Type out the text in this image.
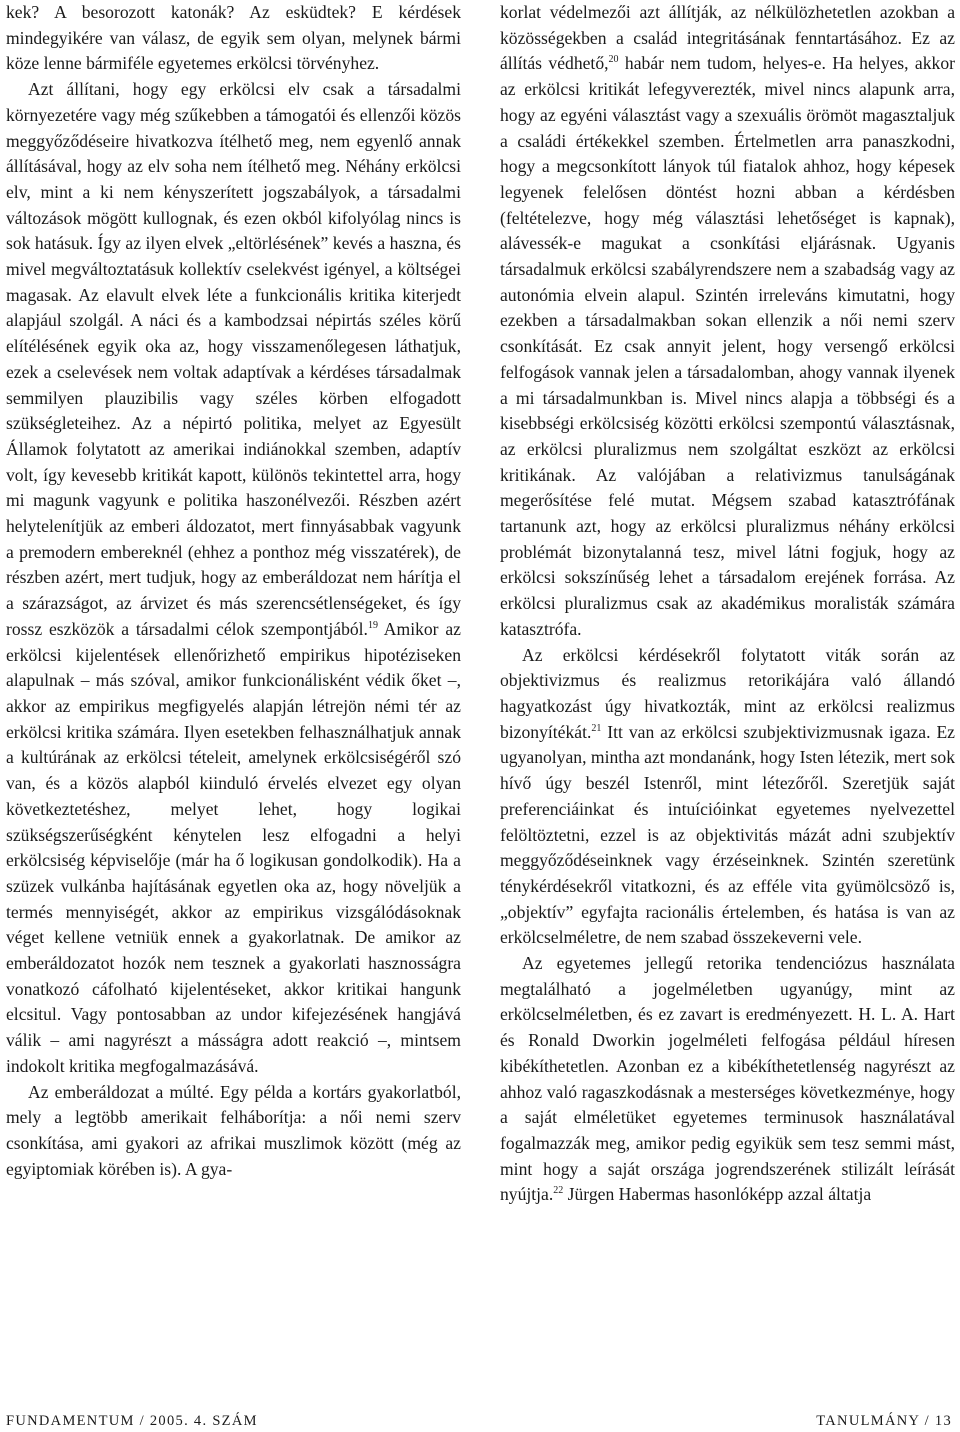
kek? A besorozott katonák? Az esküdtek? E kérdések mindegyikére van válasz, de egyik sem olyan, melynek bármi köze lenne bármiféle egyetemes erkölcsi törvényhez.

Azt állítani, hogy egy erkölcsi elv csak a társadalmi környezetére vagy még szűkebben a támogatói és ellenzői közös meggyőződéseire hivatkozva ítélhető meg, nem egyenlő annak állításával, hogy az elv soha nem ítélhető meg. Néhány erkölcsi elv, mint a ki nem kényszerített jogszabályok, a társadalmi változások mögött kullognak, és ezen okból kifolyólag nincs is sok hatásuk. Így az ilyen elvek „eltörlésének” kevés a haszna, és mivel megváltoztatásuk kollektív cselekvést igényel, a költségei magasak. Az elavult elvek léte a funkcionális kritika kiterjedt alapjául szolgál. A náci és a kambodzsai népirtás széles körű elítélésének egyik oka az, hogy visszamenőlegesen láthatjuk, ezek a cselevések nem voltak adaptívak a kérdéses társadalmak semmilyen plauzibilis vagy széles körben elfogadott szükségleteihez. Az a népirtó politika, melyet az Egyesült Államok folytatott az amerikai indiánokkal szemben, adaptív volt, így kevesebb kritikát kapott, különös tekintettel arra, hogy mi magunk vagyunk e politika haszonélvezői. Részben azért helytelenítjük az emberi áldozatot, mert finnyásabbak vagyunk a premodern embereknél (ehhez a ponthoz még visszatérek), de részben azért, mert tudjuk, hogy az emberáldozat nem hárítja el a szárazságot, az árvizet és más szerencsétlenségeket, és így rossz eszközök a társadalmi célok szempontjából.$^{19}$ Amikor az erkölcsi kijelentések ellenőrizhető empirikus hipotéziseken alapulnak – más szóval, amikor funkcionálisként védik őket –, akkor az empirikus megfigyelés alapján létrejön némi tér az erkölcsi kritika számára. Ilyen esetekben felhasználhatjuk annak a kultúrának az erkölcsi tételeit, amelynek erkölcsiségéről szó van, és a közös alapból kiinduló érvelés elvezet egy olyan következtetéshez, melyet lehet, hogy logikai szükségszerűségként kénytelen lesz elfogadni a helyi erkölcsiség képviselője (már ha ő logikusan gondolkodik). Ha a szüzek vulkánba hajításának egyetlen oka az, hogy növeljük a termés mennyiségét, akkor az empirikus vizsgálódásoknak véget kellene vetniük ennek a gyakorlatnak. De amikor az emberáldozatot hozók nem tesznek a gyakorlati hasznosságra vonatkozó cáfolható kijelentéseket, akkor kritikai hangunk elcsitul. Vagy pontosabban az undor kifejezésének hangjává válik – ami nagyrészt a másságra adott reakció –, mintsem indokolt kritika megfogalmazásává.

Az emberáldozat a múlté. Egy példa a kortárs gyakorlatból, mely a legtöbb amerikait felháborítja: a női nemi szerv csonkítása, ami gyakori az afrikai muszlimok között (még az egyiptomiak körében is). A gya-

korlat védelmezői azt állítják, az nélkülözhetetlen azokban a közösségekben a család integritásának fenntartásához. Ez az állítás védhető,$^{20}$ habár nem tudom, helyes-e. Ha helyes, akkor az erkölcsi kritikát lefegyverezték, mivel nincs alapunk arra, hogy az egyéni választást vagy a szexuális örömöt magasztaljuk a családi értékekkel szemben. Értelmetlen arra panaszkodni, hogy a megcsonkított lányok túl fiatalok ahhoz, hogy képesek legyenek felelősen döntést hozni abban a kérdésben (feltételezve, hogy még választási lehetőséget is kapnak), alávessék-e magukat a csonkítási eljárásnak. Ugyanis társadalmuk erkölcsi szabályrendszere nem a szabadság vagy az autonómia elvein alapul. Szintén irreleváns kimutatni, hogy ezekben a társadalmakban sokan ellenzik a női nemi szerv csonkítását. Ez csak annyit jelent, hogy versengő erkölcsi felfogások vannak jelen a társadalomban, ahogy vannak ilyenek a mi társadalmunkban is. Mivel nincs alapja a többségi és a kisebbségi erkölcsiség közötti erkölcsi szempontú választásnak, az erkölcsi pluralizmus nem szolgáltat eszközt az erkölcsi kritikának. Az valójában a relativizmus tanulságának megerősítése felé mutat. Mégsem szabad katasztrófának tartanunk azt, hogy az erkölcsi pluralizmus néhány erkölcsi problémát bizonytalanná tesz, mivel látni fogjuk, hogy az erkölcsi sokszínűség lehet a társadalom erejének forrása. Az erkölcsi pluralizmus csak az akadémikus moralisták számára katasztrófa.

Az erkölcsi kérdésekről folytatott viták során az objektivizmus és realizmus retorikájára való állandó hagyatkozást úgy hivatkozták, mint az erkölcsi realizmus bizonyítékát.$^{21}$ Itt van az erkölcsi szubjektivizmusnak igaza. Ez ugyanolyan, mintha azt mondanánk, hogy Isten létezik, mert sok hívő úgy beszél Istenről, mint létezőről. Szeretjük saját preferenciáinkat és intuícióinkat egyetemes nyelvezettel felöltöztetni, ezzel is az objektivitás mázát adni szubjektív meggyőződéseinknek vagy érzéseinknek. Szintén szeretünk ténykérdésekről vitatkozni, és az efféle vita gyümölcsöző is, „objektív” egyfajta racionális értelemben, és hatása is van az erkölcselméletre, de nem szabad összekeverni vele.

Az egyetemes jellegű retorika tendenciózus használata megtalálható a jogelméletben ugyanúgy, mint az erkölcselméletben, és ez zavart is eredményezett. H. L. A. Hart és Ronald Dworkin jogelméleti felfogása például híresen kibékíthetetlen. Azonban ez a kibékíthetetlenség nagyrészt az ahhoz való ragaszkodásnak a mesterséges következménye, hogy a saját elméletüket egyetemes terminusok használatával fogalmazzák meg, amikor pedig egyikük sem tesz semmi mást, mint hogy a saját országa jogrendszerének stilizált leírását nyújtja.$^{22}$ Jürgen Habermas hasonlóképp azzal áltatja

FUNDAMENTUM / 2005. 4. SZÁM	TANULMÁNY / 13
